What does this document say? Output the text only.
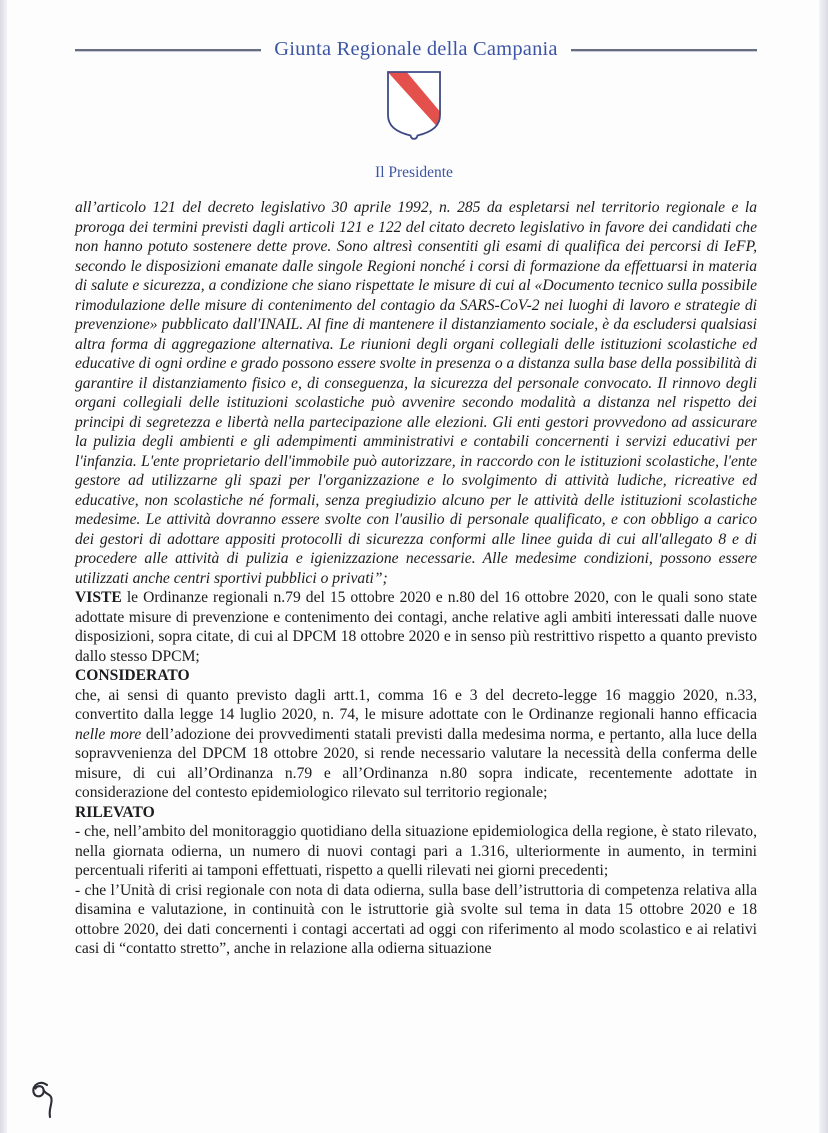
Giunta Regionale della Campania
Il Presidente

all’articolo 121 del decreto legislativo 30 aprile 1992, n. 285 da espletarsi nel territorio regionale e la proroga dei termini previsti dagli articoli 121 e 122 del citato decreto legislativo in favore dei candidati che non hanno potuto sostenere dette prove. Sono altresì consentiti gli esami di qualifica dei percorsi di IeFP, secondo le disposizioni emanate dalle singole Regioni nonché i corsi di formazione da effettuarsi in materia di salute e sicurezza, a condizione che siano rispettate le misure di cui al «Documento tecnico sulla possibile rimodulazione delle misure di contenimento del contagio da SARS-CoV-2 nei luoghi di lavoro e strategie di prevenzione» pubblicato dall'INAIL. Al fine di mantenere il distanziamento sociale, è da escludersi qualsiasi altra forma di aggregazione alternativa. Le riunioni degli organi collegiali delle istituzioni scolastiche ed educative di ogni ordine e grado possono essere svolte in presenza o a distanza sulla base della possibilità di garantire il distanziamento fisico e, di conseguenza, la sicurezza del personale convocato. Il rinnovo degli organi collegiali delle istituzioni scolastiche può avvenire secondo modalità a distanza nel rispetto dei principi di segretezza e libertà nella partecipazione alle elezioni. Gli enti gestori provvedono ad assicurare la pulizia degli ambienti e gli adempimenti amministrativi e contabili concernenti i servizi educativi per l'infanzia. L'ente proprietario dell'immobile può autorizzare, in raccordo con le istituzioni scolastiche, l'ente gestore ad utilizzarne gli spazi per l'organizzazione e lo svolgimento di attività ludiche, ricreative ed educative, non scolastiche né formali, senza pregiudizio alcuno per le attività delle istituzioni scolastiche medesime. Le attività dovranno essere svolte con l'ausilio di personale qualificato, e con obbligo a carico dei gestori di adottare appositi protocolli di sicurezza conformi alle linee guida di cui all'allegato 8 e di procedere alle attività di pulizia e igienizzazione necessarie. Alle medesime condizioni, possono essere utilizzati anche centri sportivi pubblici o privati”;

VISTE le Ordinanze regionali n.79 del 15 ottobre 2020 e n.80 del 16 ottobre 2020, con le quali sono state adottate misure di prevenzione e contenimento dei contagi, anche relative agli ambiti interessati dalle nuove disposizioni, sopra citate, di cui al DPCM 18 ottobre 2020 e in senso più restrittivo rispetto a quanto previsto dallo stesso DPCM;

CONSIDERATO

che, ai sensi di quanto previsto dagli artt.1, comma 16 e 3 del decreto-legge 16 maggio 2020, n.33, convertito dalla legge 14 luglio 2020, n. 74, le misure adottate con le Ordinanze regionali hanno efficacia nelle more dell’adozione dei provvedimenti statali previsti dalla medesima norma, e pertanto, alla luce della sopravvenienza del DPCM 18 ottobre 2020, si rende necessario valutare la necessità della conferma delle misure, di cui all’Ordinanza n.79 e all’Ordinanza n.80 sopra indicate, recentemente adottate in considerazione del contesto epidemiologico rilevato sul territorio regionale;

RILEVATO

- che, nell’ambito del monitoraggio quotidiano della situazione epidemiologica della regione, è stato rilevato, nella giornata odierna, un numero di nuovi contagi pari a 1.316, ulteriormente in aumento, in termini percentuali riferiti ai tamponi effettuati, rispetto a quelli rilevati nei giorni precedenti;

- che l’Unità di crisi regionale con nota di data odierna, sulla base dell’istruttoria di competenza relativa alla disamina e valutazione, in continuità con le istruttorie già svolte sul tema in data 15 ottobre 2020 e 18 ottobre 2020, dei dati concernenti i contagi accertati ad oggi con riferimento al modo scolastico e ai relativi casi di “contatto stretto”, anche in relazione alla odierna situazione
